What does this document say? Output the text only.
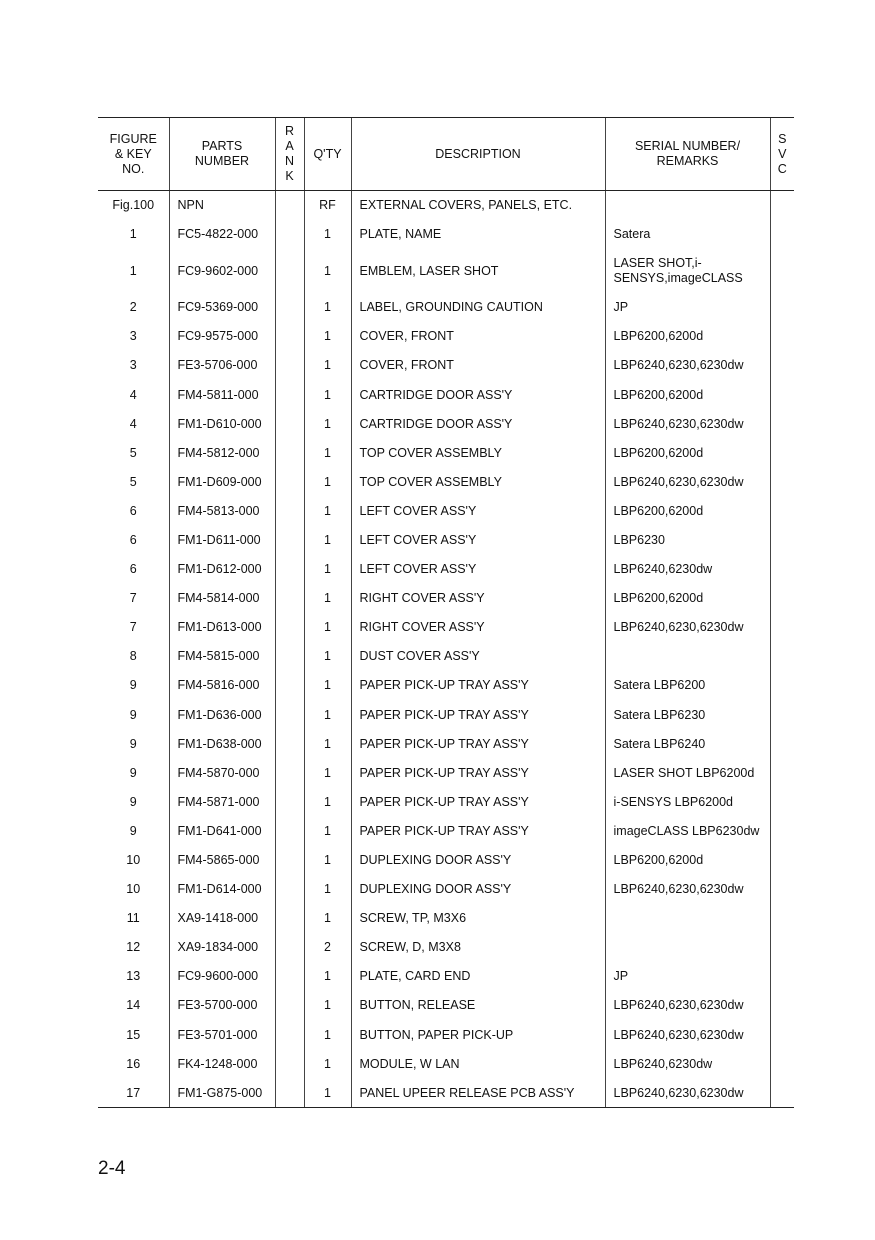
FIGURE
& KEY
NO.	PARTS
NUMBER	R
A
N
K	Q'TY	DESCRIPTION	SERIAL NUMBER/
REMARKS	S
V
C
Fig.100	NPN		RF	EXTERNAL COVERS, PANELS, ETC.		
1	FC5-4822-000		1	PLATE, NAME	Satera	
1	FC9-9602-000		1	EMBLEM, LASER SHOT	LASER SHOT,i-SENSYS,imageCLASS	
2	FC9-5369-000		1	LABEL, GROUNDING CAUTION	JP	
3	FC9-9575-000		1	COVER, FRONT	LBP6200,6200d	
3	FE3-5706-000		1	COVER, FRONT	LBP6240,6230,6230dw	
4	FM4-5811-000		1	CARTRIDGE DOOR ASS'Y	LBP6200,6200d	
4	FM1-D610-000		1	CARTRIDGE DOOR ASS'Y	LBP6240,6230,6230dw	
5	FM4-5812-000		1	TOP COVER ASSEMBLY	LBP6200,6200d	
5	FM1-D609-000		1	TOP COVER ASSEMBLY	LBP6240,6230,6230dw	
6	FM4-5813-000		1	LEFT COVER ASS'Y	LBP6200,6200d	
6	FM1-D611-000		1	LEFT COVER ASS'Y	LBP6230	
6	FM1-D612-000		1	LEFT COVER ASS'Y	LBP6240,6230dw	
7	FM4-5814-000		1	RIGHT COVER ASS'Y	LBP6200,6200d	
7	FM1-D613-000		1	RIGHT COVER ASS'Y	LBP6240,6230,6230dw	
8	FM4-5815-000		1	DUST COVER ASS'Y		
9	FM4-5816-000		1	PAPER PICK-UP TRAY ASS'Y	Satera LBP6200	
9	FM1-D636-000		1	PAPER PICK-UP TRAY ASS'Y	Satera LBP6230	
9	FM1-D638-000		1	PAPER PICK-UP TRAY ASS'Y	Satera LBP6240	
9	FM4-5870-000		1	PAPER PICK-UP TRAY ASS'Y	LASER SHOT LBP6200d	
9	FM4-5871-000		1	PAPER PICK-UP TRAY ASS'Y	i-SENSYS LBP6200d	
9	FM1-D641-000		1	PAPER PICK-UP TRAY ASS'Y	imageCLASS LBP6230dw	
10	FM4-5865-000		1	DUPLEXING DOOR ASS'Y	LBP6200,6200d	
10	FM1-D614-000		1	DUPLEXING DOOR ASS'Y	LBP6240,6230,6230dw	
11	XA9-1418-000		1	SCREW, TP, M3X6		
12	XA9-1834-000		2	SCREW, D, M3X8		
13	FC9-9600-000		1	PLATE, CARD END	JP	
14	FE3-5700-000		1	BUTTON, RELEASE	LBP6240,6230,6230dw	
15	FE3-5701-000		1	BUTTON, PAPER PICK-UP	LBP6240,6230,6230dw	
16	FK4-1248-000		1	MODULE, W LAN	LBP6240,6230dw	
17	FM1-G875-000		1	PANEL UPEER RELEASE PCB ASS'Y	LBP6240,6230,6230dw	
2-4
